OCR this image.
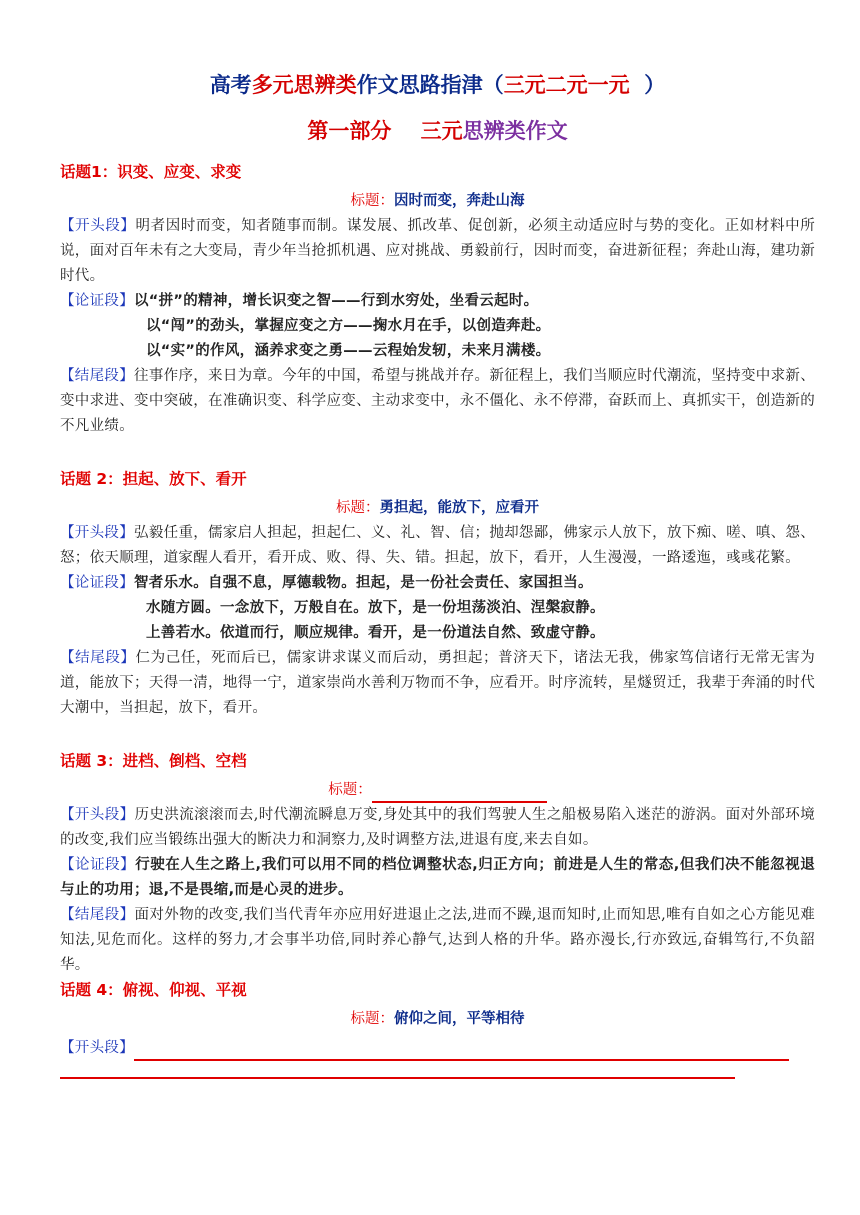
高考多元思辨类作文思路指津（三元二元一元  ）
第一部分    三元思辨类作文
话题1：识变、应变、求变
标题：因时而变，奔赴山海
【开头段】明者因时而变，知者随事而制。谋发展、抓改革、促创新，必须主动适应时与势的变化。正如材料中所说，面对百年未有之大变局，青少年当抢抓机遇、应对挑战、勇毅前行，因时而变，奋进新征程；奔赴山海，建功新时代。
【论证段】以“拼”的精神，增长识变之智——行到水穷处，坐看云起时。
以“闯”的劲头，掌握应变之方——掬水月在手，以创造奔赴。
以“实”的作风，涵养求变之勇——云程始发轫，未来月满楼。
【结尾段】往事作序，来日为章。今年的中国，希望与挑战并存。新征程上，我们当顺应时代潮流，坚持变中求新、变中求进、变中突破，在准确识变、科学应变、主动求变中，永不僵化、永不停滞，奋跃而上、真抓实干，创造新的不凡业绩。
话题 2：担起、放下、看开
标题：勇担起，能放下，应看开
【开头段】弘毅任重，儒家启人担起，担起仁、义、礼、智、信；抛却怨鄙，佛家示人放下，放下痴、嗟、嗔、怨、怒；依天顺理，道家醒人看开，看开成、败、得、失、错。担起，放下，看开，人生漫漫，一路逶迤，彧彧花繁。
【论证段】智者乐水。自强不息，厚德载物。担起，是一份社会责任、家国担当。
水随方圆。一念放下，万般自在。放下，是一份坦荡淡泊、涅槃寂静。
上善若水。依道而行，顺应规律。看开，是一份道法自然、致虚守静。
【结尾段】仁为己任，死而后已，儒家讲求谋义而后动，勇担起；普济天下，诸法无我，佛家笃信诸行无常无害为道，能放下；天得一清，地得一宁，道家崇尚水善利万物而不争，应看开。时序流转，星燧贸迁，我辈于奔涌的时代大潮中，当担起，放下，看开。
话题 3：进档、倒档、空档
标题：
【开头段】历史洪流滚滚而去,时代潮流瞬息万变,身处其中的我们驾驶人生之船极易陷入迷茫的游涡。面对外部环境的改变,我们应当锻练出强大的断决力和洞察力,及时调整方法,进退有度,来去自如。
【论证段】行驶在人生之路上,我们可以用不同的档位调整状态,归正方向；前进是人生的常态,但我们决不能忽视退与止的功用；退,不是畏缩,而是心灵的进步。
【结尾段】面对外物的改变,我们当代青年亦应用好进退止之法,进而不躁,退而知时,止而知思,唯有自如之心方能见难知法,见危而化。这样的努力,才会事半功倍,同时养心静气,达到人格的升华。路亦漫长,行亦致远,奋辑笃行,不负韶华。
话题 4：俯视、仰视、平视
标题：俯仰之间，平等相待
【开头段】
